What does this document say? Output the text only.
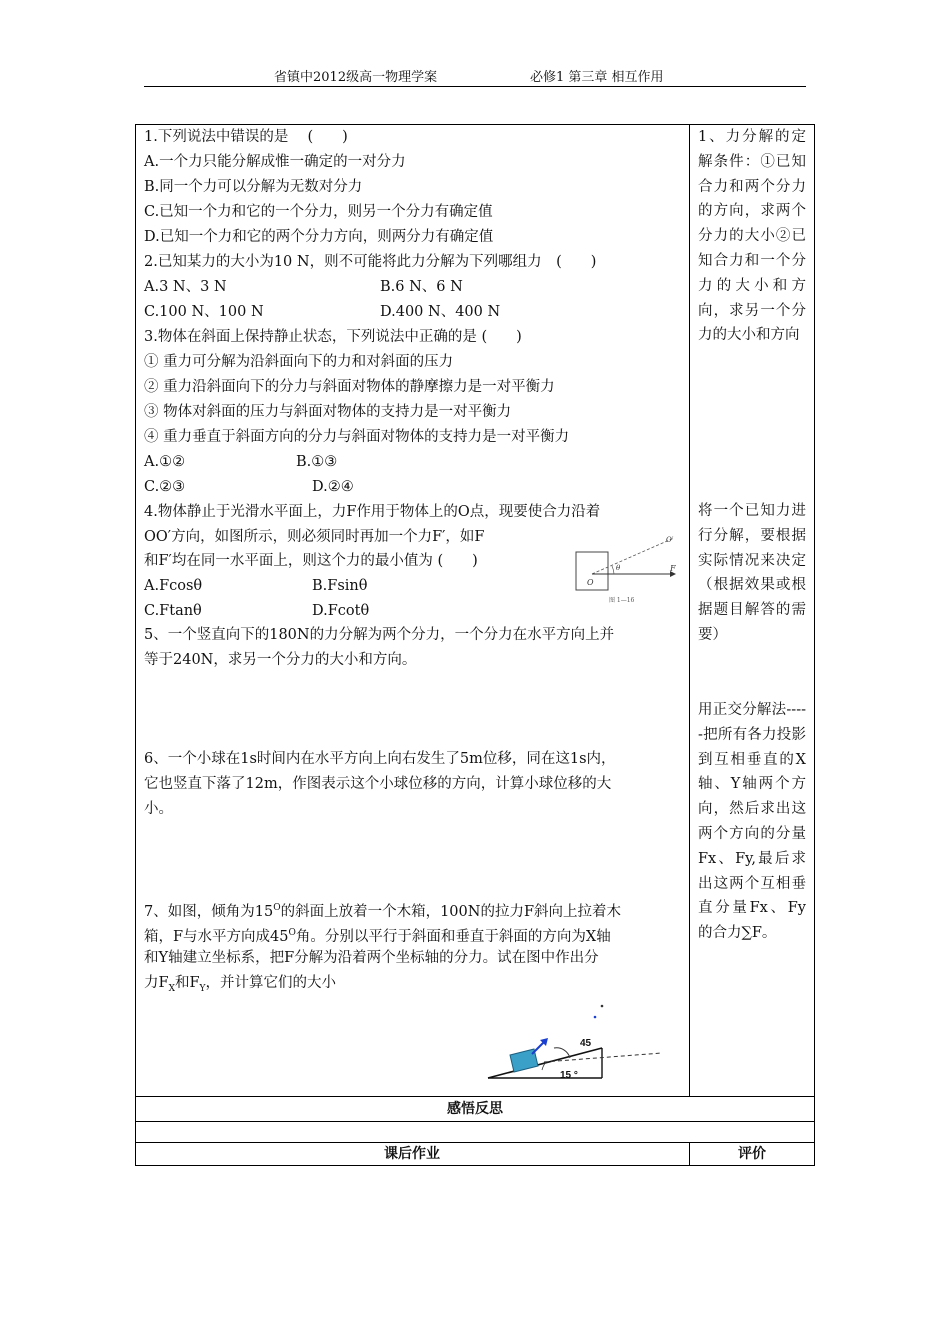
省镇中2012级高一物理学案	必修1 第三章 相互作用
1.下列说法中错误的是　 (　　)
A.一个力只能分解成惟一确定的一对分力
B.同一个力可以分解为无数对分力
C.已知一个力和它的一个分力，则另一个分力有确定值
D.已知一个力和它的两个分力方向，则两分力有确定值
2.已知某力的大小为10 N，则不可能将此力分解为下列哪组力　(　　)
A.3 N、3 N	B.6 N、6 N
C.100 N、100 N	D.400 N、400 N
3.物体在斜面上保持静止状态，下列说法中正确的是 (　　)
① 重力可分解为沿斜面向下的力和对斜面的压力
② 重力沿斜面向下的分力与斜面对物体的静摩擦力是一对平衡力
③ 物体对斜面的压力与斜面对物体的支持力是一对平衡力
④ 重力垂直于斜面方向的分力与斜面对物体的支持力是一对平衡力
A.①②	B.①③
C.②③	D.②④
4.物体静止于光滑水平面上，力F作用于物体上的O点，现要使合力沿着
OO′方向，如图所示，则必须同时再加一个力F′，如F
和F′均在同一水平面上，则这个力的最小值为 (　　)
A.Fcosθ	B.Fsinθ
C.Ftanθ	D.Fcotθ
O
O′
θ	F
图 1—16
5、一个竖直向下的180N的力分解为两个分力，一个分力在水平方向上并
等于240N，求另一个分力的大小和方向。
6、一个小球在1s时间内在水平方向上向右发生了5m位移，同在这1s内，
它也竖直下落了12m，作图表示这个小球位移的方向，计算小球位移的大
小。
7、如图，倾角为$15^O$的斜面上放着一个木箱，100N的拉力F斜向上拉着木
箱，F与水平方向成$45^O$角。分别以平行于斜面和垂直于斜面的方向为X轴
和Y轴建立坐标系，把F分解为沿着两个坐标轴的分力。试在图中作出分
力$F_X$和$F_Y$，并计算它们的大小
45
15 °
1、力分解的定解条件：①已知合力和两个分力的方向，求两个分力的大小②已知合力和一个分力的大小和方向，求另一个分力的大小和方向
将一个已知力进行分解，要根据实际情况来决定（根据效果或根据题目解答的需要）
用正交分解法-----把所有各力投影到互相垂直的X轴、Y轴两个方向，然后求出这两个方向的分量Fx、Fy,最后求出这两个互相垂直分量Fx、Fy的合力∑F。
感悟反思
课后作业	评价
